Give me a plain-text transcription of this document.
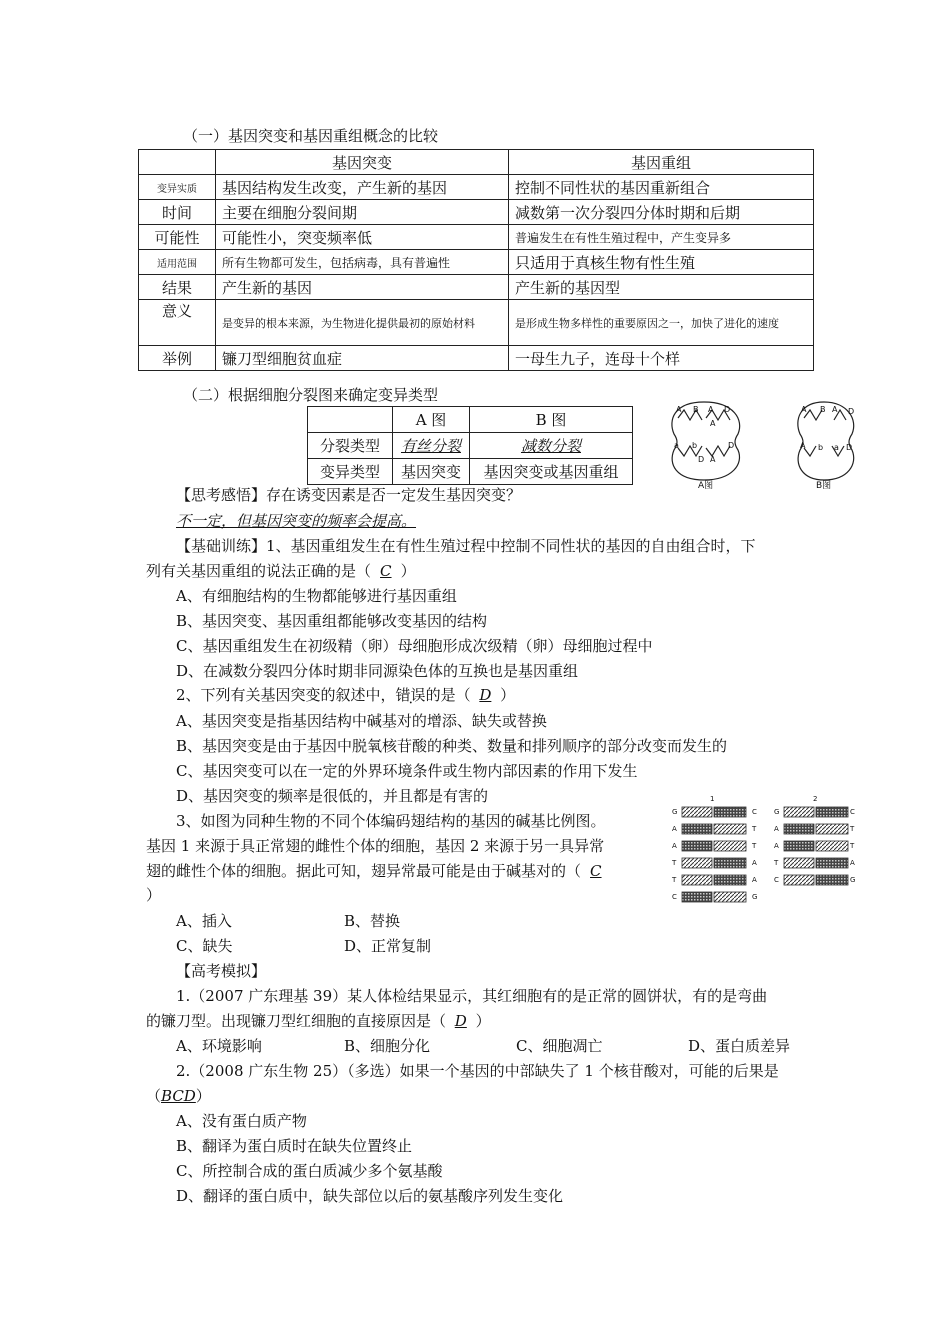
（一）基因突变和基因重组概念的比较
	基因突变	基因重组
变异实质	基因结构发生改变，产生新的基因	控制不同性状的基因重新组合
时间	主要在细胞分裂间期	减数第一次分裂四分体时期和后期
可能性	可能性小，突变频率低	普遍发生在有性生殖过程中，产生变异多
适用范围	所有生物都可发生，包括病毒，具有普遍性	只适用于真核生物有性生殖
结果	产生新的基因	产生新的基因型
意义	是变异的根本来源，为生物进化提供最初的原始材料	是形成生物多样性的重要原因之一，加快了进化的速度
举例	镰刀型细胞贫血症	一母生九子，连母十个样
（二）根据细胞分裂图来确定变异类型
	A 图	B 图
分裂类型	有丝分裂	减数分裂
变异类型	基因突变	基因突变或基因重组
A B A D
A
a b
D A
D
A图
A B A D
A b a D
B图
【思考感悟】存在诱变因素是否一定发生基因突变？
不一定，但基因突变的频率会提高。
【基础训练】1、基因重组发生在有性生殖过程中控制不同性状的基因的自由组合时，下
列有关基因重组的说法正确的是（ C ）
A、有细胞结构的生物都能够进行基因重组
B、基因突变、基因重组都能够改变基因的结构
C、基因重组发生在初级精（卵）母细胞形成次级精（卵）母细胞过程中
D、在减数分裂四分体时期非同源染色体的互换也是基因重组
2、下列有关基因突变的叙述中，错误的是（ D ）
A、基因突变是指基因结构中碱基对的增添、缺失或替换
B、基因突变是由于基因中脱氧核苷酸的种类、数量和排列顺序的部分改变而发生的
C、基因突变可以在一定的外界环境条件或生物内部因素的作用下发生
D、基因突变的频率是很低的，并且都是有害的
3、如图为同种生物的不同个体编码翅结构的基因的碱基比例图。
基因 1 来源于具正常翅的雌性个体的细胞，基因 2 来源于另一具异常
翅的雌性个体的细胞。据此可知，翅异常最可能是由于碱基对的（ C
）
A、插入	B、替换
C、缺失	D、正常复制
1	2
G
A
A
T
T
C
C
T
T
A
A
G
G
A
A
T
C
C
T
T
A
G
【高考模拟】
1.（2007 广东理基 39）某人体检结果显示，其红细胞有的是正常的圆饼状，有的是弯曲
的镰刀型。出现镰刀型红细胞的直接原因是（ D ）
A、环境影响	B、细胞分化	C、细胞凋亡	D、蛋白质差异
2.（2008 广东生物 25）（多选）如果一个基因的中部缺失了 1 个核苷酸对，可能的后果是
（BCD）
A、没有蛋白质产物
B、翻译为蛋白质时在缺失位置终止
C、所控制合成的蛋白质减少多个氨基酸
D、翻译的蛋白质中，缺失部位以后的氨基酸序列发生变化
